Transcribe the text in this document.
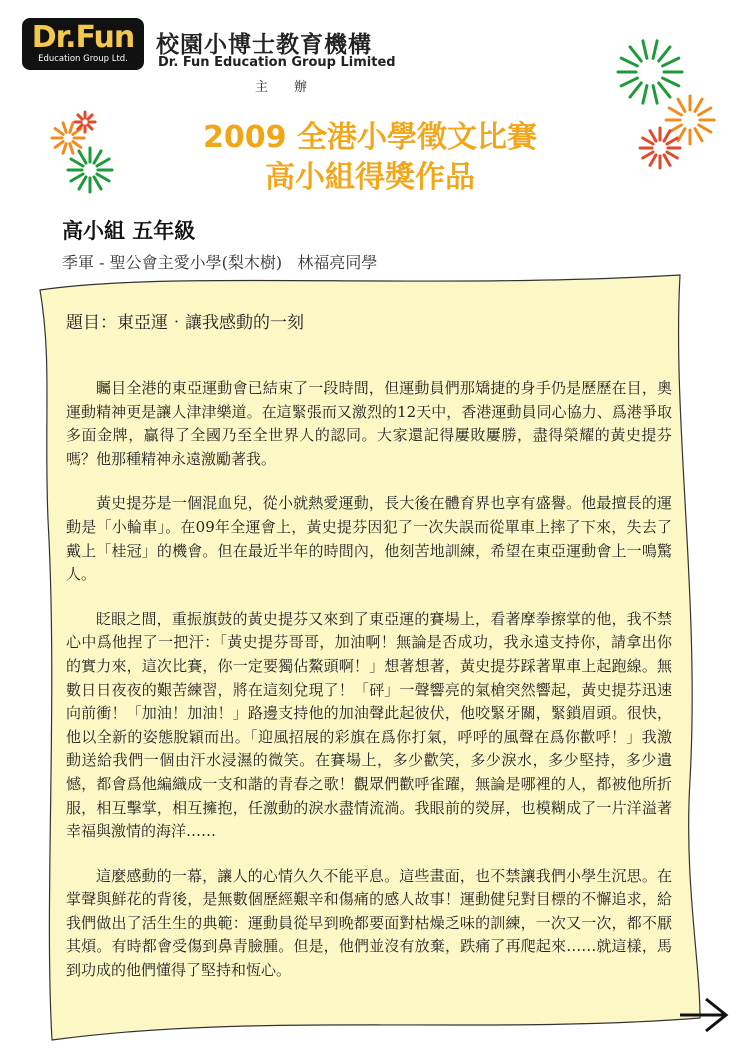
Dr.Fun
Education Group Ltd.
校園小博士教育機構
Dr. Fun Education Group Limited
主辦
2009 全港小學徵文比賽
高小組得獎作品
高小組 五年級
季軍 - 聖公會主愛小學(梨木樹)   林福亮同學
題目：東亞運‧讓我感動的一刻

矚目全港的東亞運動會已結束了一段時間，但運動員們那矯捷的身手仍是歷歷在目，奧運動精神更是讓人津津樂道。在這緊張而又激烈的12天中，香港運動員同心協力、爲港爭取多面金牌，贏得了全國乃至全世界人的認同。大家還記得屢敗屢勝，盡得榮耀的黃史提芬嗎？他那種精神永遠激勵著我。

黃史提芬是一個混血兒，從小就熱愛運動，長大後在體育界也享有盛譽。他最擅長的運動是「小輪車」。在09年全運會上，黃史提芬因犯了一次失誤而從單車上摔了下來，失去了戴上「桂冠」的機會。但在最近半年的時間內，他刻苦地訓練，希望在東亞運動會上一鳴驚人。

眨眼之間，重振旗鼓的黃史提芬又來到了東亞運的賽場上，看著摩拳擦掌的他，我不禁心中爲他捏了一把汗：「黃史提芬哥哥，加油啊！無論是否成功，我永遠支持你，請拿出你的實力來，這次比賽，你一定要獨佔鰲頭啊！」想著想著，黃史提芬踩著單車上起跑線。無數日日夜夜的艱苦練習，將在這刻兌現了！「砰」一聲響亮的氣槍突然響起，黃史提芬迅速向前衝！「加油！加油！」路邊支持他的加油聲此起彼伏，他咬緊牙關，緊鎖眉頭。很快，他以全新的姿態脫穎而出。「迎風招展的彩旗在爲你打氣，呼呼的風聲在爲你歡呼！」我激動送給我們一個由汗水浸濕的微笑。在賽場上，多少歡笑，多少淚水，多少堅持，多少遺憾，都會爲他編織成一支和諧的青春之歌！觀眾們歡呼雀躍，無論是哪裡的人，都被他所折服，相互擊掌，相互擁抱，任激動的淚水盡情流淌。我眼前的熒屏，也模糊成了一片洋溢著幸福與激情的海洋……

這麼感動的一幕，讓人的心情久久不能平息。這些畫面，也不禁讓我們小學生沉思。在掌聲與鮮花的背後，是無數個歷經艱辛和傷痛的感人故事！運動健兒對目標的不懈追求，給我們做出了活生生的典範：運動員從早到晚都要面對枯燥乏味的訓練，一次又一次，都不厭其煩。有時都會受傷到鼻青臉腫。但是，他們並沒有放棄，跌痛了再爬起來……就這樣，馬到功成的他們懂得了堅持和恆心。
